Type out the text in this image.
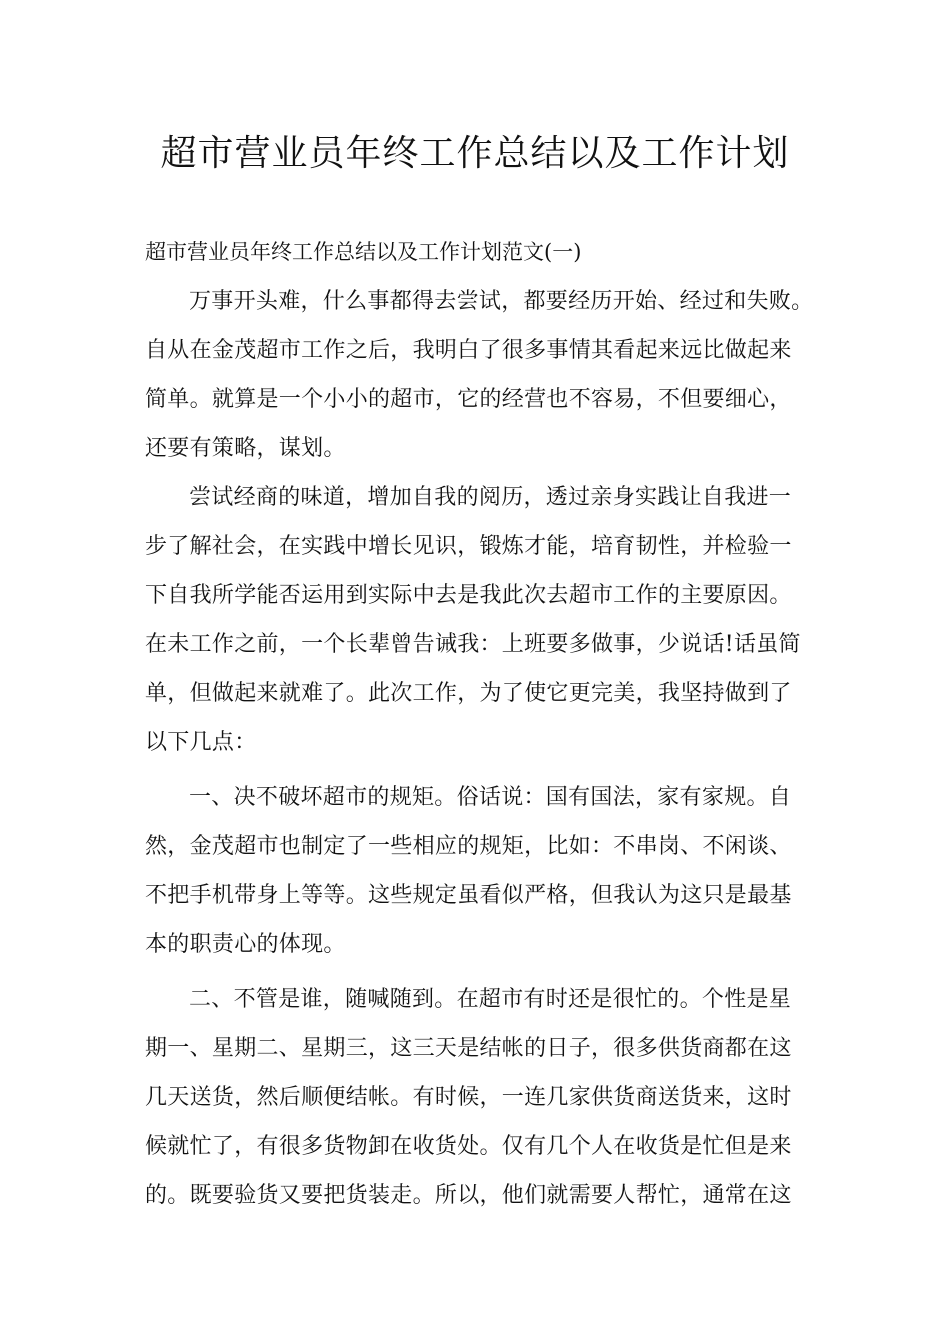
超市营业员年终工作总结以及工作计划

超市营业员年终工作总结以及工作计划范文(一)

万事开头难，什么事都得去尝试，都要经历开始、经过和失败。

自从在金茂超市工作之后，我明白了很多事情其看起来远比做起来

简单。就算是一个小小的超市，它的经营也不容易，不但要细心，

还要有策略，谋划。

尝试经商的味道，增加自我的阅历，透过亲身实践让自我进一

步了解社会，在实践中增长见识，锻炼才能，培育韧性，并检验一

下自我所学能否运用到实际中去是我此次去超市工作的主要原因。

在未工作之前，一个长辈曾告诫我：上班要多做事，少说话!话虽简

单，但做起来就难了。此次工作，为了使它更完美，我坚持做到了

以下几点：

一、决不破坏超市的规矩。俗话说：国有国法，家有家规。自

然，金茂超市也制定了一些相应的规矩，比如：不串岗、不闲谈、

不把手机带身上等等。这些规定虽看似严格，但我认为这只是最基

本的职责心的体现。

二、不管是谁，随喊随到。在超市有时还是很忙的。个性是星

期一、星期二、星期三，这三天是结帐的日子，很多供货商都在这

几天送货，然后顺便结帐。有时候，一连几家供货商送货来，这时

候就忙了，有很多货物卸在收货处。仅有几个人在收货是忙但是来

的。既要验货又要把货装走。所以，他们就需要人帮忙，通常在这
